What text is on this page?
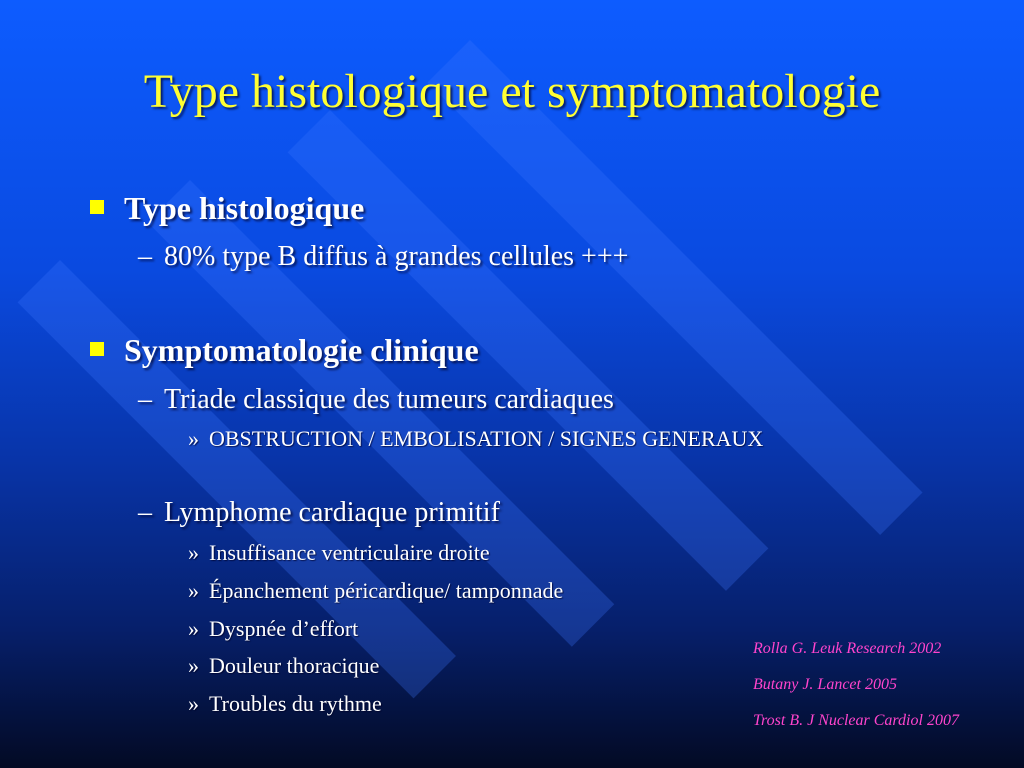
Type histologique et symptomatologie
Type histologique
– 80% type B diffus à grandes cellules +++
Symptomatologie clinique
– Triade classique des tumeurs cardiaques
» OBSTRUCTION / EMBOLISATION / SIGNES GENERAUX
– Lymphome cardiaque primitif
» Insuffisance ventriculaire droite
» Épanchement péricardique/ tamponnade
» Dyspnée d’effort
» Douleur thoracique
» Troubles du rythme
Rolla G. Leuk Research 2002
Butany J. Lancet 2005
Trost B. J Nuclear Cardiol 2007
